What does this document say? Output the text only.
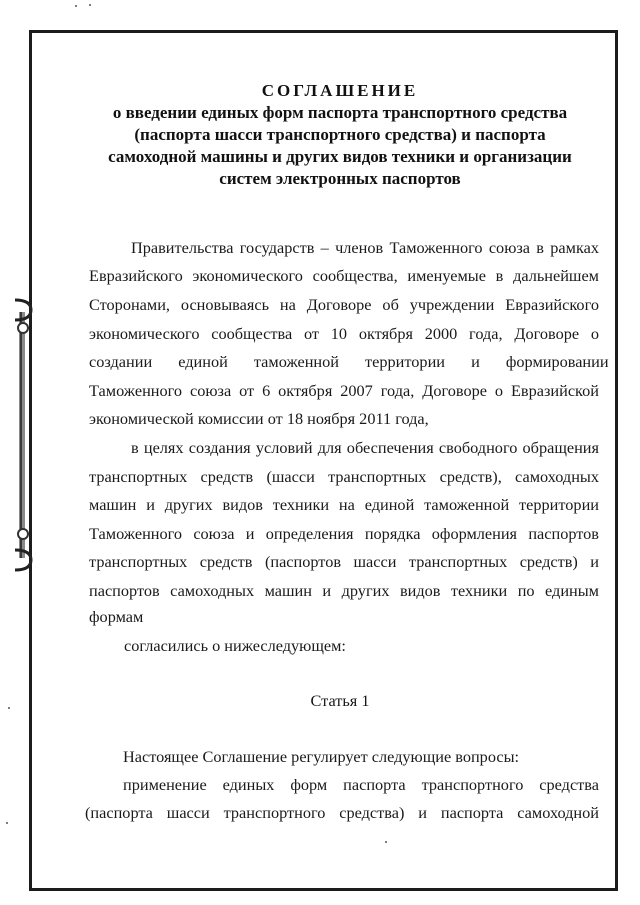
СОГЛАШЕНИЕ
о введении единых форм паспорта транспортного средства
(паспорта шасси транспортного средства) и паспорта
самоходной машины и других видов техники и организации
систем электронных паспортов
Правительства государств – членов Таможенного союза в рамках
Евразийского экономического сообщества, именуемые в дальнейшем
Сторонами, основываясь на Договоре об учреждении Евразийского
экономического сообщества от 10 октября 2000 года, Договоре о
создании единой таможенной территории и формировании
Таможенного союза от 6 октября 2007 года, Договоре о Евразийской
экономической комиссии от 18 ноября 2011 года,
в целях создания условий для обеспечения свободного обращения
транспортных средств (шасси транспортных средств), самоходных
машин и других видов техники на единой таможенной территории
Таможенного союза и определения порядка оформления паспортов
транспортных средств (паспортов шасси транспортных средств) и
паспортов самоходных машин и других видов техники по единым
формам
согласились о нижеследующем:
Статья 1
Настоящее Соглашение регулирует следующие вопросы:
применение единых форм паспорта транспортного средства
(паспорта шасси транспортного средства) и паспорта самоходной
